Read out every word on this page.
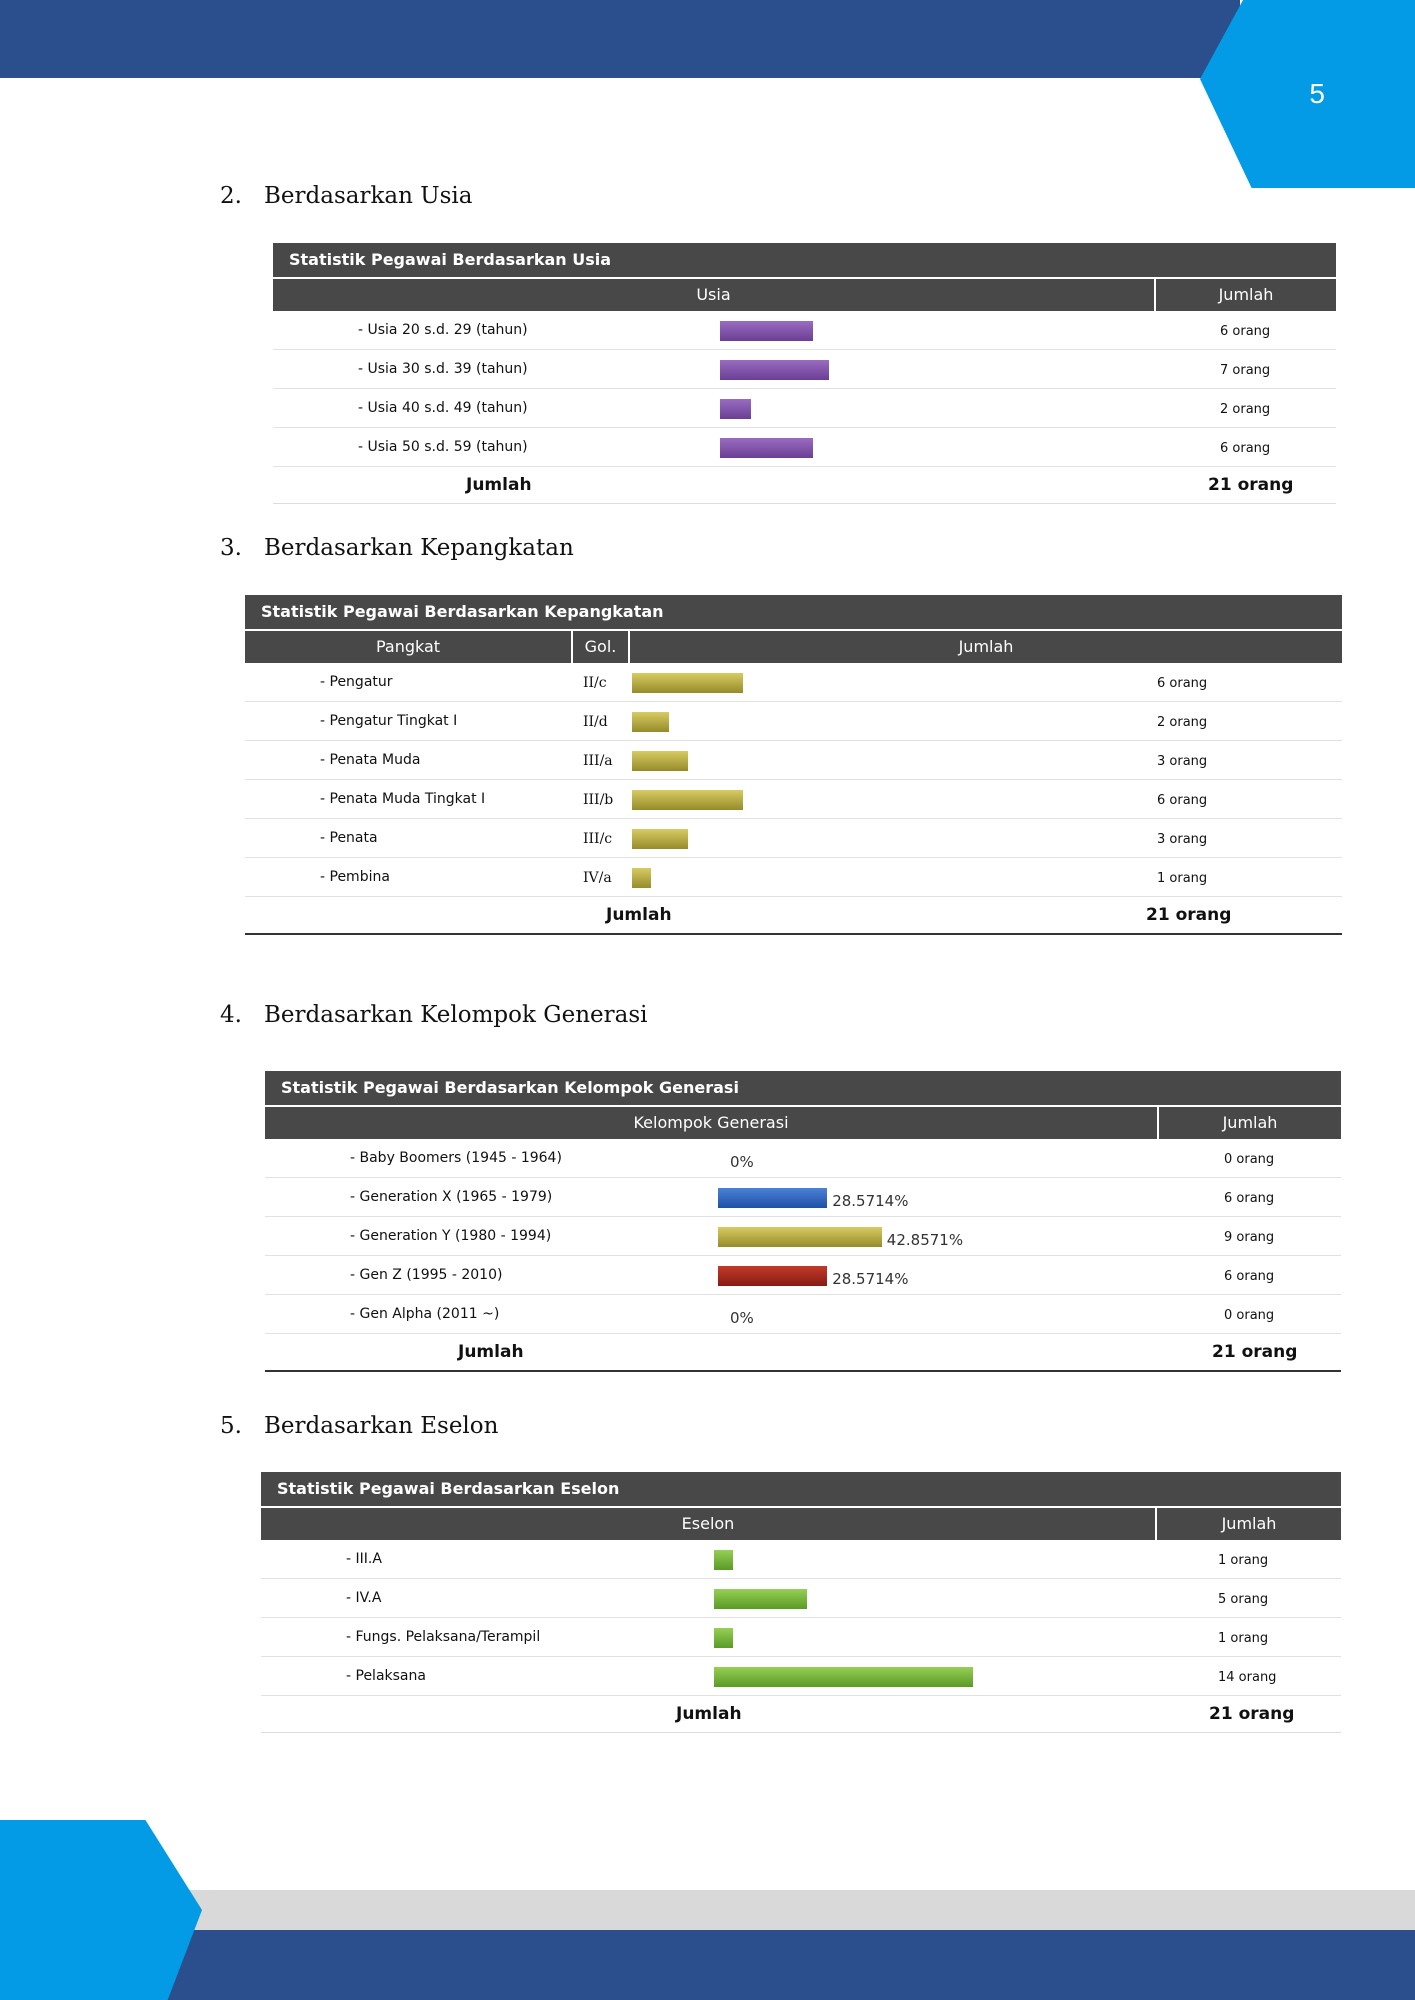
5
2. Berdasarkan Usia
3. Berdasarkan Kepangkatan
4. Berdasarkan Kelompok Generasi
5. Berdasarkan Eselon
Statistik Pegawai Berdasarkan Usia
Usia	Jumlah
- Usia 20 s.d. 29 (tahun)	6 orang
- Usia 30 s.d. 39 (tahun)	7 orang
- Usia 40 s.d. 49 (tahun)	2 orang
- Usia 50 s.d. 59 (tahun)	6 orang
Jumlah	21 orang
Statistik Pegawai Berdasarkan Kepangkatan
Pangkat	Gol.	Jumlah
- Pengatur	II/c	6 orang
- Pengatur Tingkat I	II/d	2 orang
- Penata Muda	III/a	3 orang
- Penata Muda Tingkat I	III/b	6 orang
- Penata	III/c	3 orang
- Pembina	IV/a	1 orang
Jumlah	21 orang
Statistik Pegawai Berdasarkan Kelompok Generasi
Kelompok Generasi	Jumlah
- Baby Boomers (1945 - 1964)	0%	0 orang
- Generation X (1965 - 1979)	28.5714%	6 orang
- Generation Y (1980 - 1994)	42.8571%	9 orang
- Gen Z (1995 - 2010)	28.5714%	6 orang
- Gen Alpha (2011 ~)	0%	0 orang
Jumlah	21 orang
Statistik Pegawai Berdasarkan Eselon
Eselon	Jumlah
- III.A	1 orang
- IV.A	5 orang
- Fungs. Pelaksana/Terampil	1 orang
- Pelaksana	14 orang
Jumlah	21 orang
